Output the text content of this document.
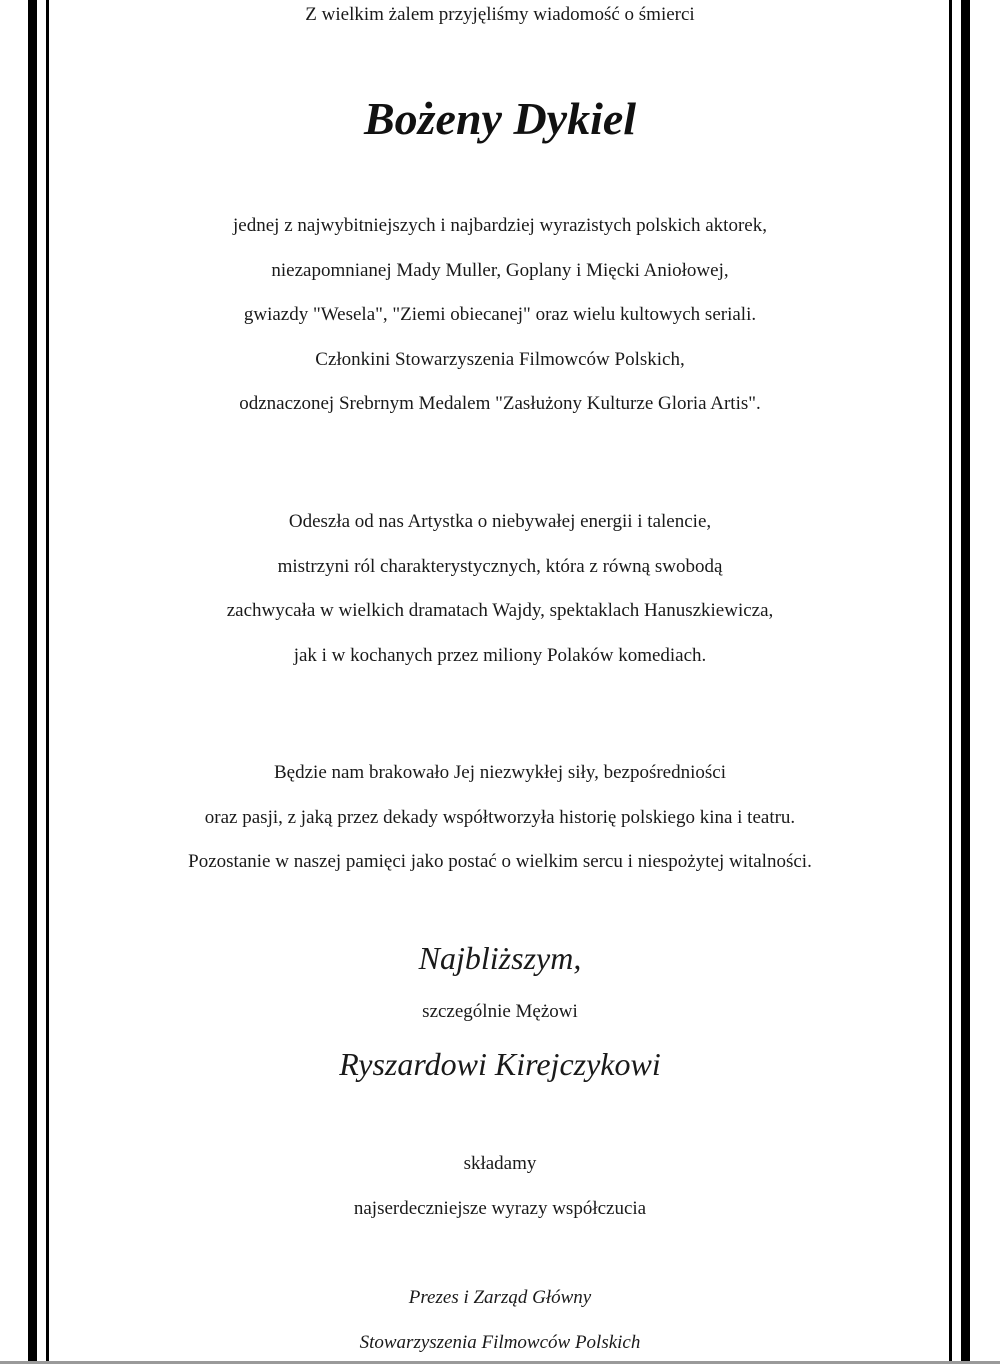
Z wielkim żalem przyjęliśmy wiadomość o śmierci
Bożeny Dykiel
jednej z najwybitniejszych i najbardziej wyrazistych polskich aktorek,
niezapomnianej Mady Muller, Goplany i Mięcki Aniołowej,
gwiazdy "Wesela", "Ziemi obiecanej" oraz wielu kultowych seriali.
Członkini Stowarzyszenia Filmowców Polskich,
odznaczonej Srebrnym Medalem "Zasłużony Kulturze Gloria Artis".
Odeszła od nas Artystka o niebywałej energii i talencie,
mistrzyni ról charakterystycznych, która z równą swobodą
zachwycała w wielkich dramatach Wajdy, spektaklach Hanuszkiewicza,
jak i w kochanych przez miliony Polaków komediach.
Będzie nam brakowało Jej niezwykłej siły, bezpośredniości
oraz pasji, z jaką przez dekady współtworzyła historię polskiego kina i teatru.
Pozostanie w naszej pamięci jako postać o wielkim sercu i niespożytej witalności.
Najbliższym,
szczególnie Mężowi
Ryszardowi Kirejczykowi
składamy
najserdeczniejsze wyrazy współczucia
Prezes i Zarząd Główny
Stowarzyszenia Filmowców Polskich
